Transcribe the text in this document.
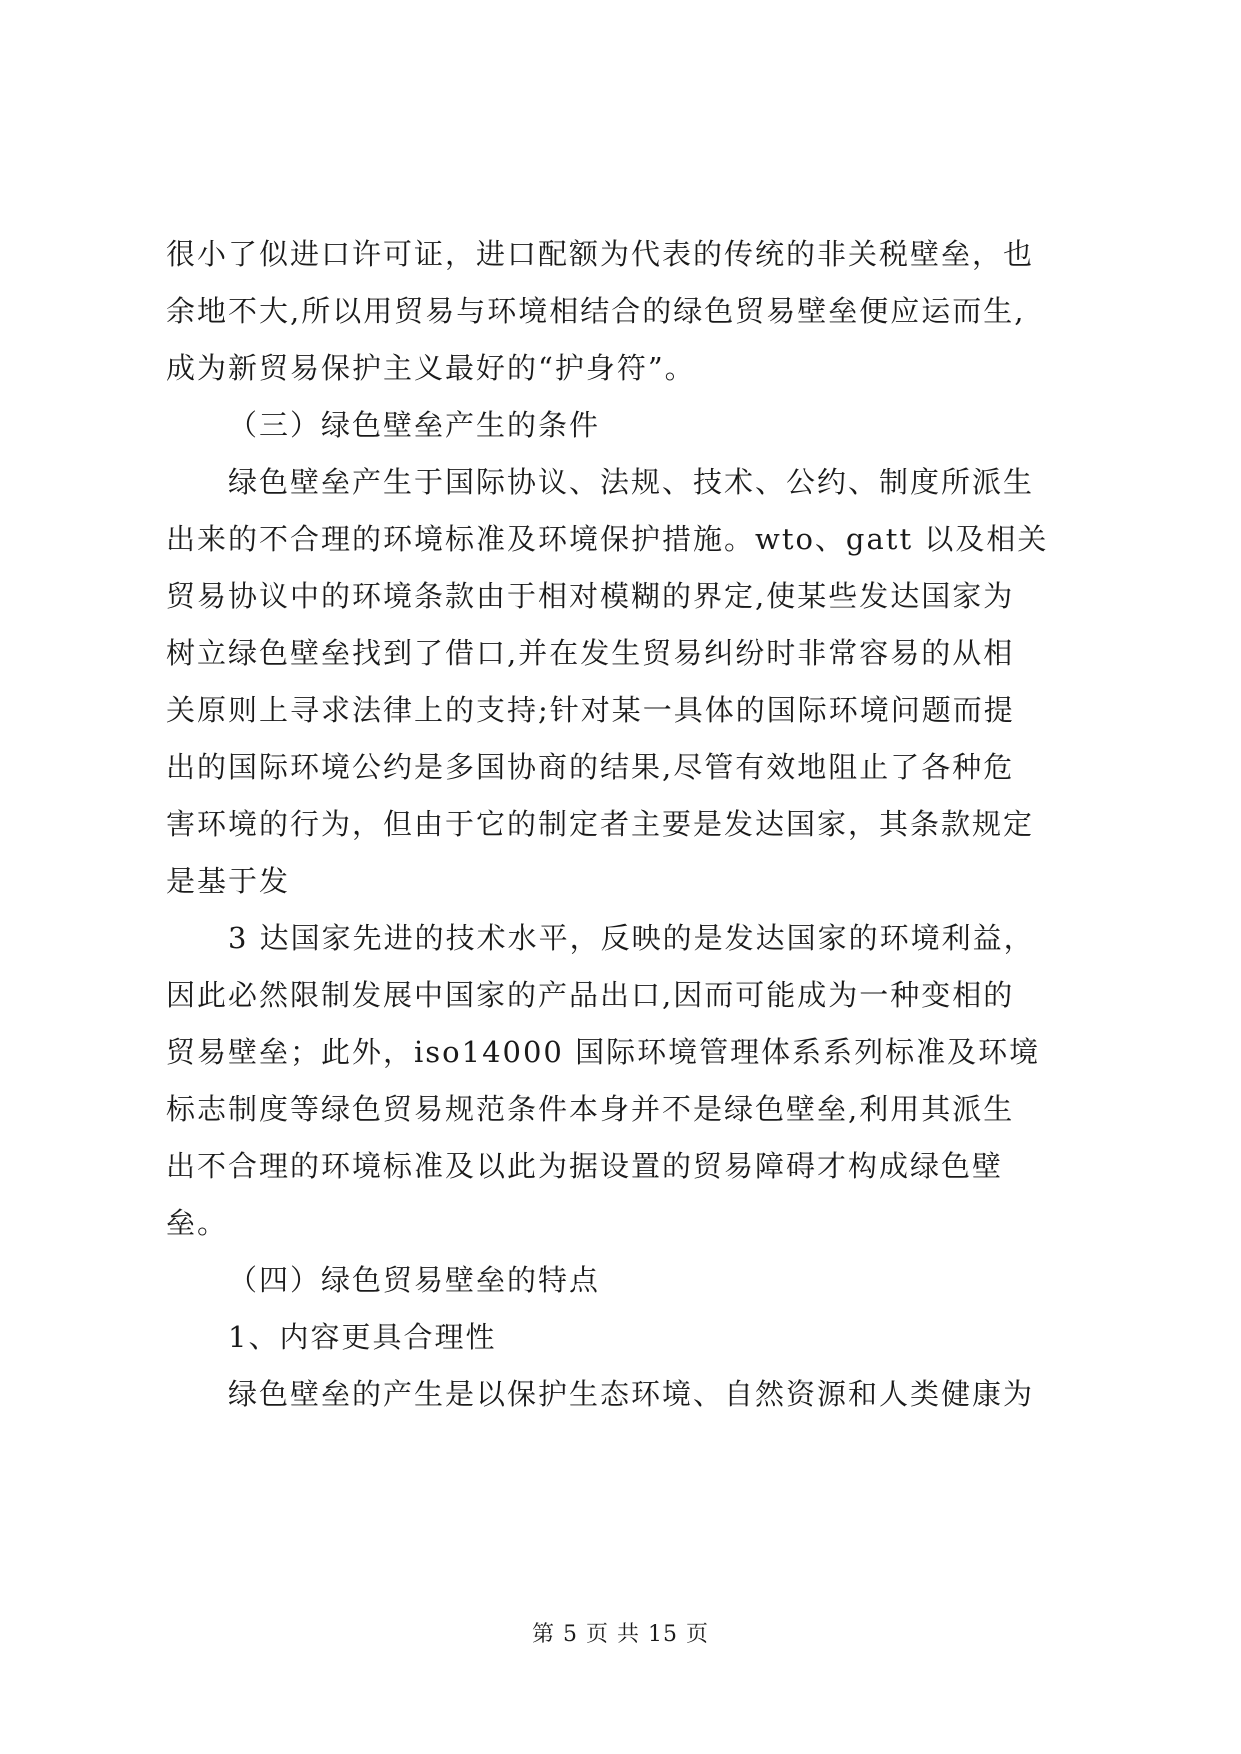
很小了似进口许可证，进口配额为代表的传统的非关税壁垒，也
余地不大,所以用贸易与环境相结合的绿色贸易壁垒便应运而生,
成为新贸易保护主义最好的“护身符”。
（三）绿色壁垒产生的条件
绿色壁垒产生于国际协议、法规、技术、公约、制度所派生
出来的不合理的环境标准及环境保护措施。wto、gatt 以及相关
贸易协议中的环境条款由于相对模糊的界定,使某些发达国家为
树立绿色壁垒找到了借口,并在发生贸易纠纷时非常容易的从相
关原则上寻求法律上的支持;针对某一具体的国际环境问题而提
出的国际环境公约是多国协商的结果,尽管有效地阻止了各种危
害环境的行为，但由于它的制定者主要是发达国家，其条款规定
是基于发
3 达国家先进的技术水平，反映的是发达国家的环境利益，
因此必然限制发展中国家的产品出口,因而可能成为一种变相的
贸易壁垒；此外，iso14000 国际环境管理体系系列标准及环境
标志制度等绿色贸易规范条件本身并不是绿色壁垒,利用其派生
出不合理的环境标准及以此为据设置的贸易障碍才构成绿色壁
垒。
（四）绿色贸易壁垒的特点
1、内容更具合理性
绿色壁垒的产生是以保护生态环境、自然资源和人类健康为
第 5 页 共 15 页
